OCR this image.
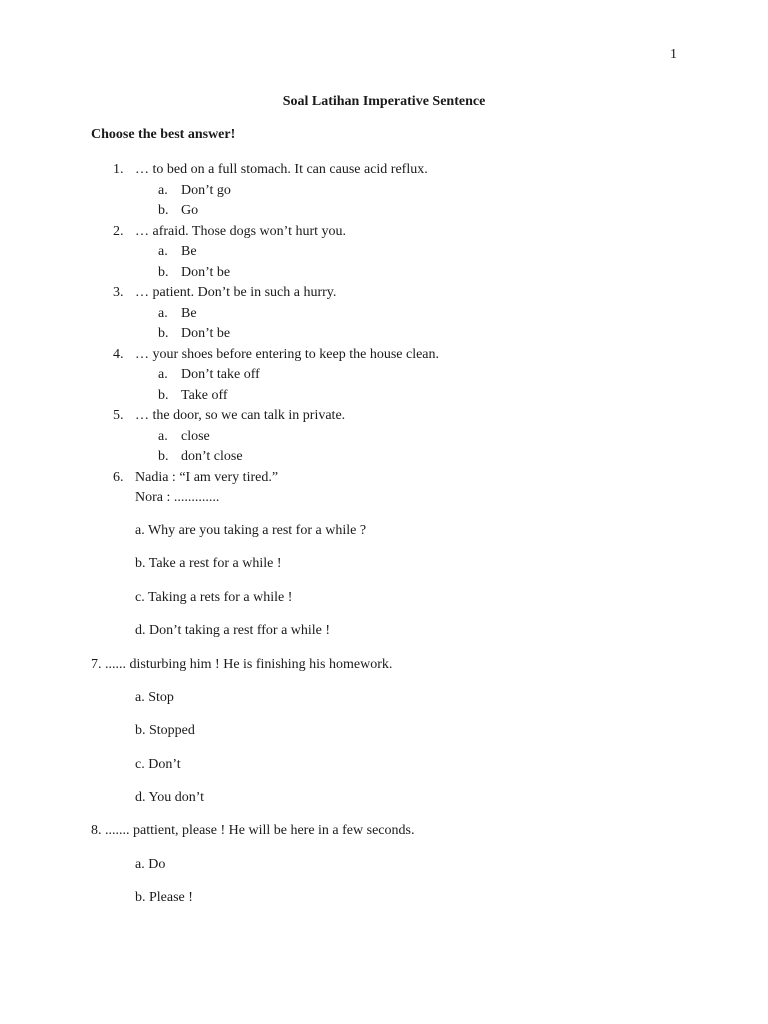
1
Soal Latihan Imperative Sentence
Choose the best answer!
1. … to bed on a full stomach. It can cause acid reflux.
a. Don’t go
b. Go
2. … afraid. Those dogs won’t hurt you.
a. Be
b. Don’t be
3. … patient. Don’t be in such a hurry.
a. Be
b. Don’t be
4. … your shoes before entering to keep the house clean.
a. Don’t take off
b. Take off
5. … the door, so we can talk in private.
a. close
b. don’t close
6. Nadia : “I am very tired.”
Nora : .............
a. Why are you taking a rest for a while ?
b. Take a rest for a while !
c. Taking a rets for a while !
d. Don’t taking a rest ffor a while !
7. ...... disturbing him ! He is finishing his homework.
a. Stop
b. Stopped
c. Don’t
d. You don’t
8. ....... pattient, please ! He will be here in a few seconds.
a. Do
b. Please !
